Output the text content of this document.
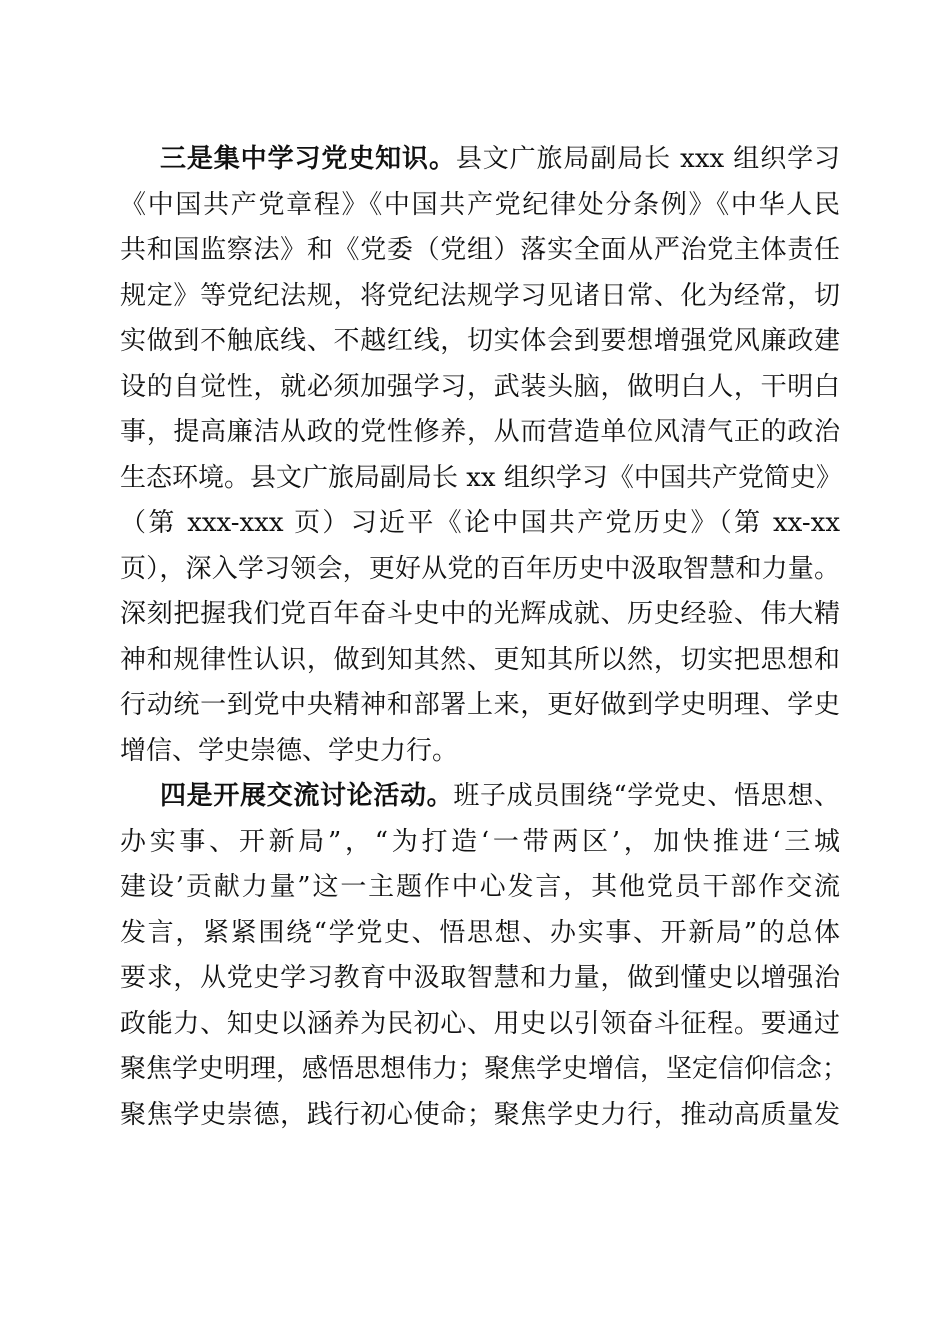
三是集中学习党史知识。县文广旅局副局长 xxx 组织学习
《中国共产党章程》《中国共产党纪律处分条例》《中华人民
共和国监察法》和《党委（党组）落实全面从严治党主体责任
规定》等党纪法规，将党纪法规学习见诸日常、化为经常，切
实做到不触底线、不越红线，切实体会到要想增强党风廉政建
设的自觉性，就必须加强学习，武装头脑，做明白人，干明白
事，提高廉洁从政的党性修养，从而营造单位风清气正的政治
生态环境。县文广旅局副局长 xx 组织学习《中国共产党简史》
（第 xxx-xxx 页）习近平《论中国共产党历史》（第 xx-xx
页），深入学习领会，更好从党的百年历史中汲取智慧和力量。
深刻把握我们党百年奋斗史中的光辉成就、历史经验、伟大精
神和规律性认识，做到知其然、更知其所以然，切实把思想和
行动统一到党中央精神和部署上来，更好做到学史明理、学史
增信、学史崇德、学史力行。
四是开展交流讨论活动。班子成员围绕“学党史、悟思想、
办实事、开新局”，“为打造‘一带两区’，加快推进‘三城
建设’贡献力量”这一主题作中心发言，其他党员干部作交流
发言，紧紧围绕“学党史、悟思想、办实事、开新局”的总体
要求，从党史学习教育中汲取智慧和力量，做到懂史以增强治
政能力、知史以涵养为民初心、用史以引领奋斗征程。要通过
聚焦学史明理，感悟思想伟力；聚焦学史增信，坚定信仰信念；
聚焦学史崇德，践行初心使命；聚焦学史力行，推动高质量发
